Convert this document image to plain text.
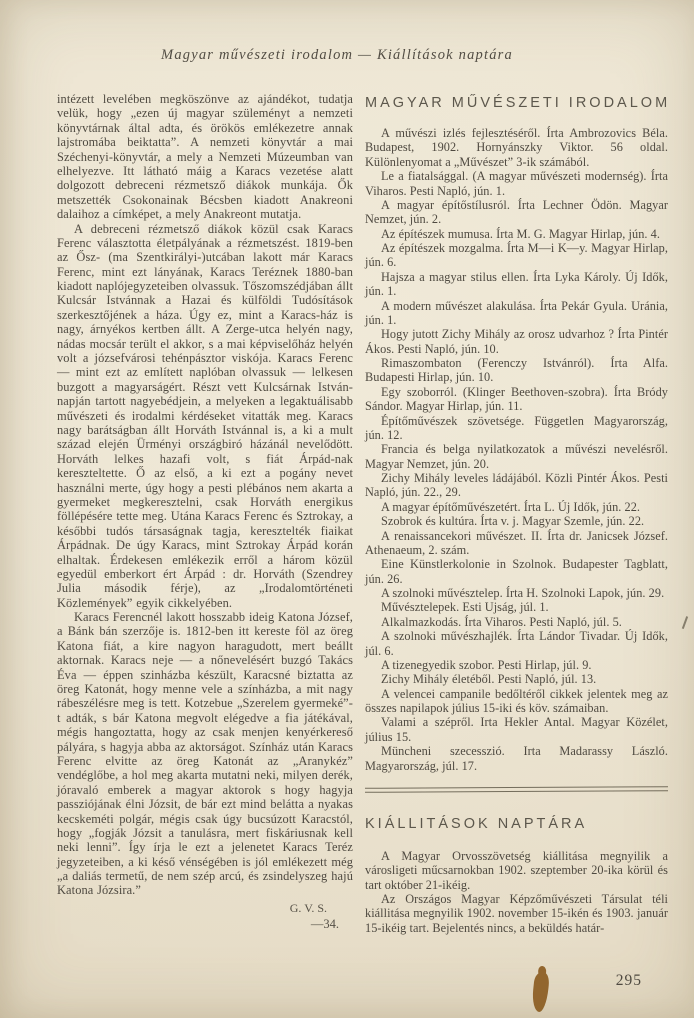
Magyar művészeti irodalom — Kiállítások naptára

intézett levelében megköszönve az ajándékot, tudatja velük, hogy „ezen új magyar szüleményt a nemzeti könyvtárnak által adta, és örökös emlékezetre annak lajstromába beiktatta”. A nemzeti könyvtár a mai Széchenyi-könyvtár, a mely a Nemzeti Múzeumban van elhelyezve. Itt látható máig a Karacs vezetése alatt dolgozott debreceni rézmetsző diákok munkája. Ők metszették Csokonainak Bécsben kiadott Anakreoni dalaihoz a címképet, a mely Anakreont mutatja.

A debreceni rézmetsző diákok közül csak Karacs Ferenc választotta életpályának a rézmetszést. 1819-ben az Ősz- (ma Szentkirályi-)utcában lakott már Karacs Ferenc, mint ezt lányának, Karacs Teréznek 1880-ban kiadott naplójegyzeteiben olvassuk. Tőszomszédjában állt Kulcsár Istvánnak a Hazai és külföldi Tudósítások szerkesztőjének a háza. Úgy ez, mint a Karacs-ház is nagy, árnyékos kertben állt. A Zerge-utca helyén nagy, nádas mocsár terült el akkor, s a mai képviselőház helyén volt a józsefvárosi tehénpásztor viskója. Karacs Ferenc — mint ezt az említett naplóban olvassuk — lelkesen buzgott a magyarságért. Részt vett Kulcsárnak István-napján tartott nagyebédjein, a melyeken a legaktuálisabb művészeti és irodalmi kérdéseket vitatták meg. Karacs nagy barátságban állt Horváth Istvánnal is, a ki a mult század elején Ürményi országbiró házánál nevelődött. Horváth lelkes hazafi volt, s fiát Árpád-nak kereszteltette. Ő az első, a ki ezt a pogány nevet használni merte, úgy hogy a pesti plébános nem akarta a gyermeket megkeresztelni, csak Horváth energikus föllépésére tette meg. Utána Karacs Ferenc és Sztrokay, a későbbi tudós társaságnak tagja, keresztelték fiaikat Árpádnak. De úgy Karacs, mint Sztrokay Árpád korán elhaltak. Érdekesen emlékezik erről a három közül egyedül emberkort ért Árpád : dr. Horváth (Szendrey Julia második férje), az „Irodalomtörténeti Közlemények” egyik cikkelyében.

Karacs Ferencnél lakott hosszabb ideig Katona József, a Bánk bán szerzője is. 1812-ben itt kereste föl az öreg Katona fiát, a kire nagyon haragudott, mert beállt aktornak. Karacs neje — a nőnevelésért buzgó Takács Éva — éppen szinházba készült, Karacsné biztatta az öreg Katonát, hogy menne vele a színházba, a mit nagy rábeszélésre meg is tett. Kotzebue „Szerelem gyermeké”-t adták, s bár Katona megvolt elégedve a fia játékával, mégis hangoztatta, hogy az csak menjen kenyérkereső pályára, s hagyja abba az aktorságot. Színház után Karacs Ferenc elvitte az öreg Katonát az „Aranykéz” vendéglőbe, a hol meg akarta mutatni neki, milyen derék, jóravaló emberek a magyar aktorok s hogy hagyja passziójának élni Józsit, de bár ezt mind belátta a nyakas kecskeméti polgár, mégis csak úgy bucsúzott Karacstól, hogy „fogják Józsit a tanulásra, mert fiskáriusnak kell neki lenni”. Így írja le ezt a jelenetet Karacs Teréz jegyzeteiben, a ki késő vénségében is jól emlékezett még „a daliás termetű, de nem szép arcú, és zsindelyszeg hajú Katona Józsira.”

G. V. S.
—34.
MAGYAR MŰVÉSZETI IRODALOM

A művészi izlés fejlesztéséről. Írta Ambrozovics Béla. Budapest, 1902. Hornyánszky Viktor. 56 oldal. Különlenyomat a „Művészet” 3-ik számából.

Le a fiatalsággal. (A magyar művészeti modernség). Írta Viharos. Pesti Napló, jún. 1.

A magyar építőstílusról. Írta Lechner Ödön. Magyar Nemzet, jún. 2.

Az építészek mumusa. Írta M. G. Magyar Hirlap, jún. 4.

Az építészek mozgalma. Írta M—i K—y. Magyar Hirlap, jún. 6.

Hajsza a magyar stilus ellen. Írta Lyka Károly. Új Idők, jún. 1.

A modern művészet alakulása. Írta Pekár Gyula. Uránia, jún. 1.

Hogy jutott Zichy Mihály az orosz udvarhoz ? Írta Pintér Ákos. Pesti Napló, jún. 10.

Rimaszombaton (Ferenczy Istvánról). Írta Alfa. Budapesti Hirlap, jún. 10.

Egy szoborról. (Klinger Beethoven-szobra). Írta Bródy Sándor. Magyar Hirlap, jún. 11.

Építőművészek szövetsége. Független Magyarország, jún. 12.

Francia és belga nyilatkozatok a művészi nevelésről. Magyar Nemzet, jún. 20.

Zichy Mihály leveles ládájából. Közli Pintér Ákos. Pesti Napló, jún. 22., 29.

A magyar építőművészetért. Írta L. Új Idők, jún. 22.

Szobrok és kultúra. Írta v. j. Magyar Szemle, jún. 22.

A renaissancekori művészet. II. Írta dr. Janicsek József. Athenaeum, 2. szám.

Eine Künstlerkolonie in Szolnok. Budapester Tagblatt, jún. 26.

A szolnoki művésztelep. Írta H. Szolnoki Lapok, jún. 29.

Művésztelepek. Esti Ujság, júl. 1.

Alkalmazkodás. Írta Viharos. Pesti Napló, júl. 5.

A szolnoki művészhajlék. Írta Lándor Tivadar. Új Idők, júl. 6.

A tizenegyedik szobor. Pesti Hirlap, júl. 9.

Zichy Mihály életéből. Pesti Napló, júl. 13.

A velencei campanile bedőltéről cikkek jelentek meg az összes napilapok július 15-iki és köv. számaiban.

Valami a szépről. Irta Hekler Antal. Magyar Közélet, július 15.

Müncheni szecesszió. Irta Madarassy László. Magyarország, júl. 17.

KIÁLLITÁSOK NAPTÁRA

A Magyar Orvosszövetség kiállitása megnyilik a városligeti műcsarnokban 1902. szeptember 20-ika körül és tart október 21-ikéig.

Az Országos Magyar Képzőművészeti Társulat téli kiállitása megnyilik 1902. november 15-ikén és 1903. január 15-ikéig tart. Bejelentés nincs, a beküldés határ-

295
